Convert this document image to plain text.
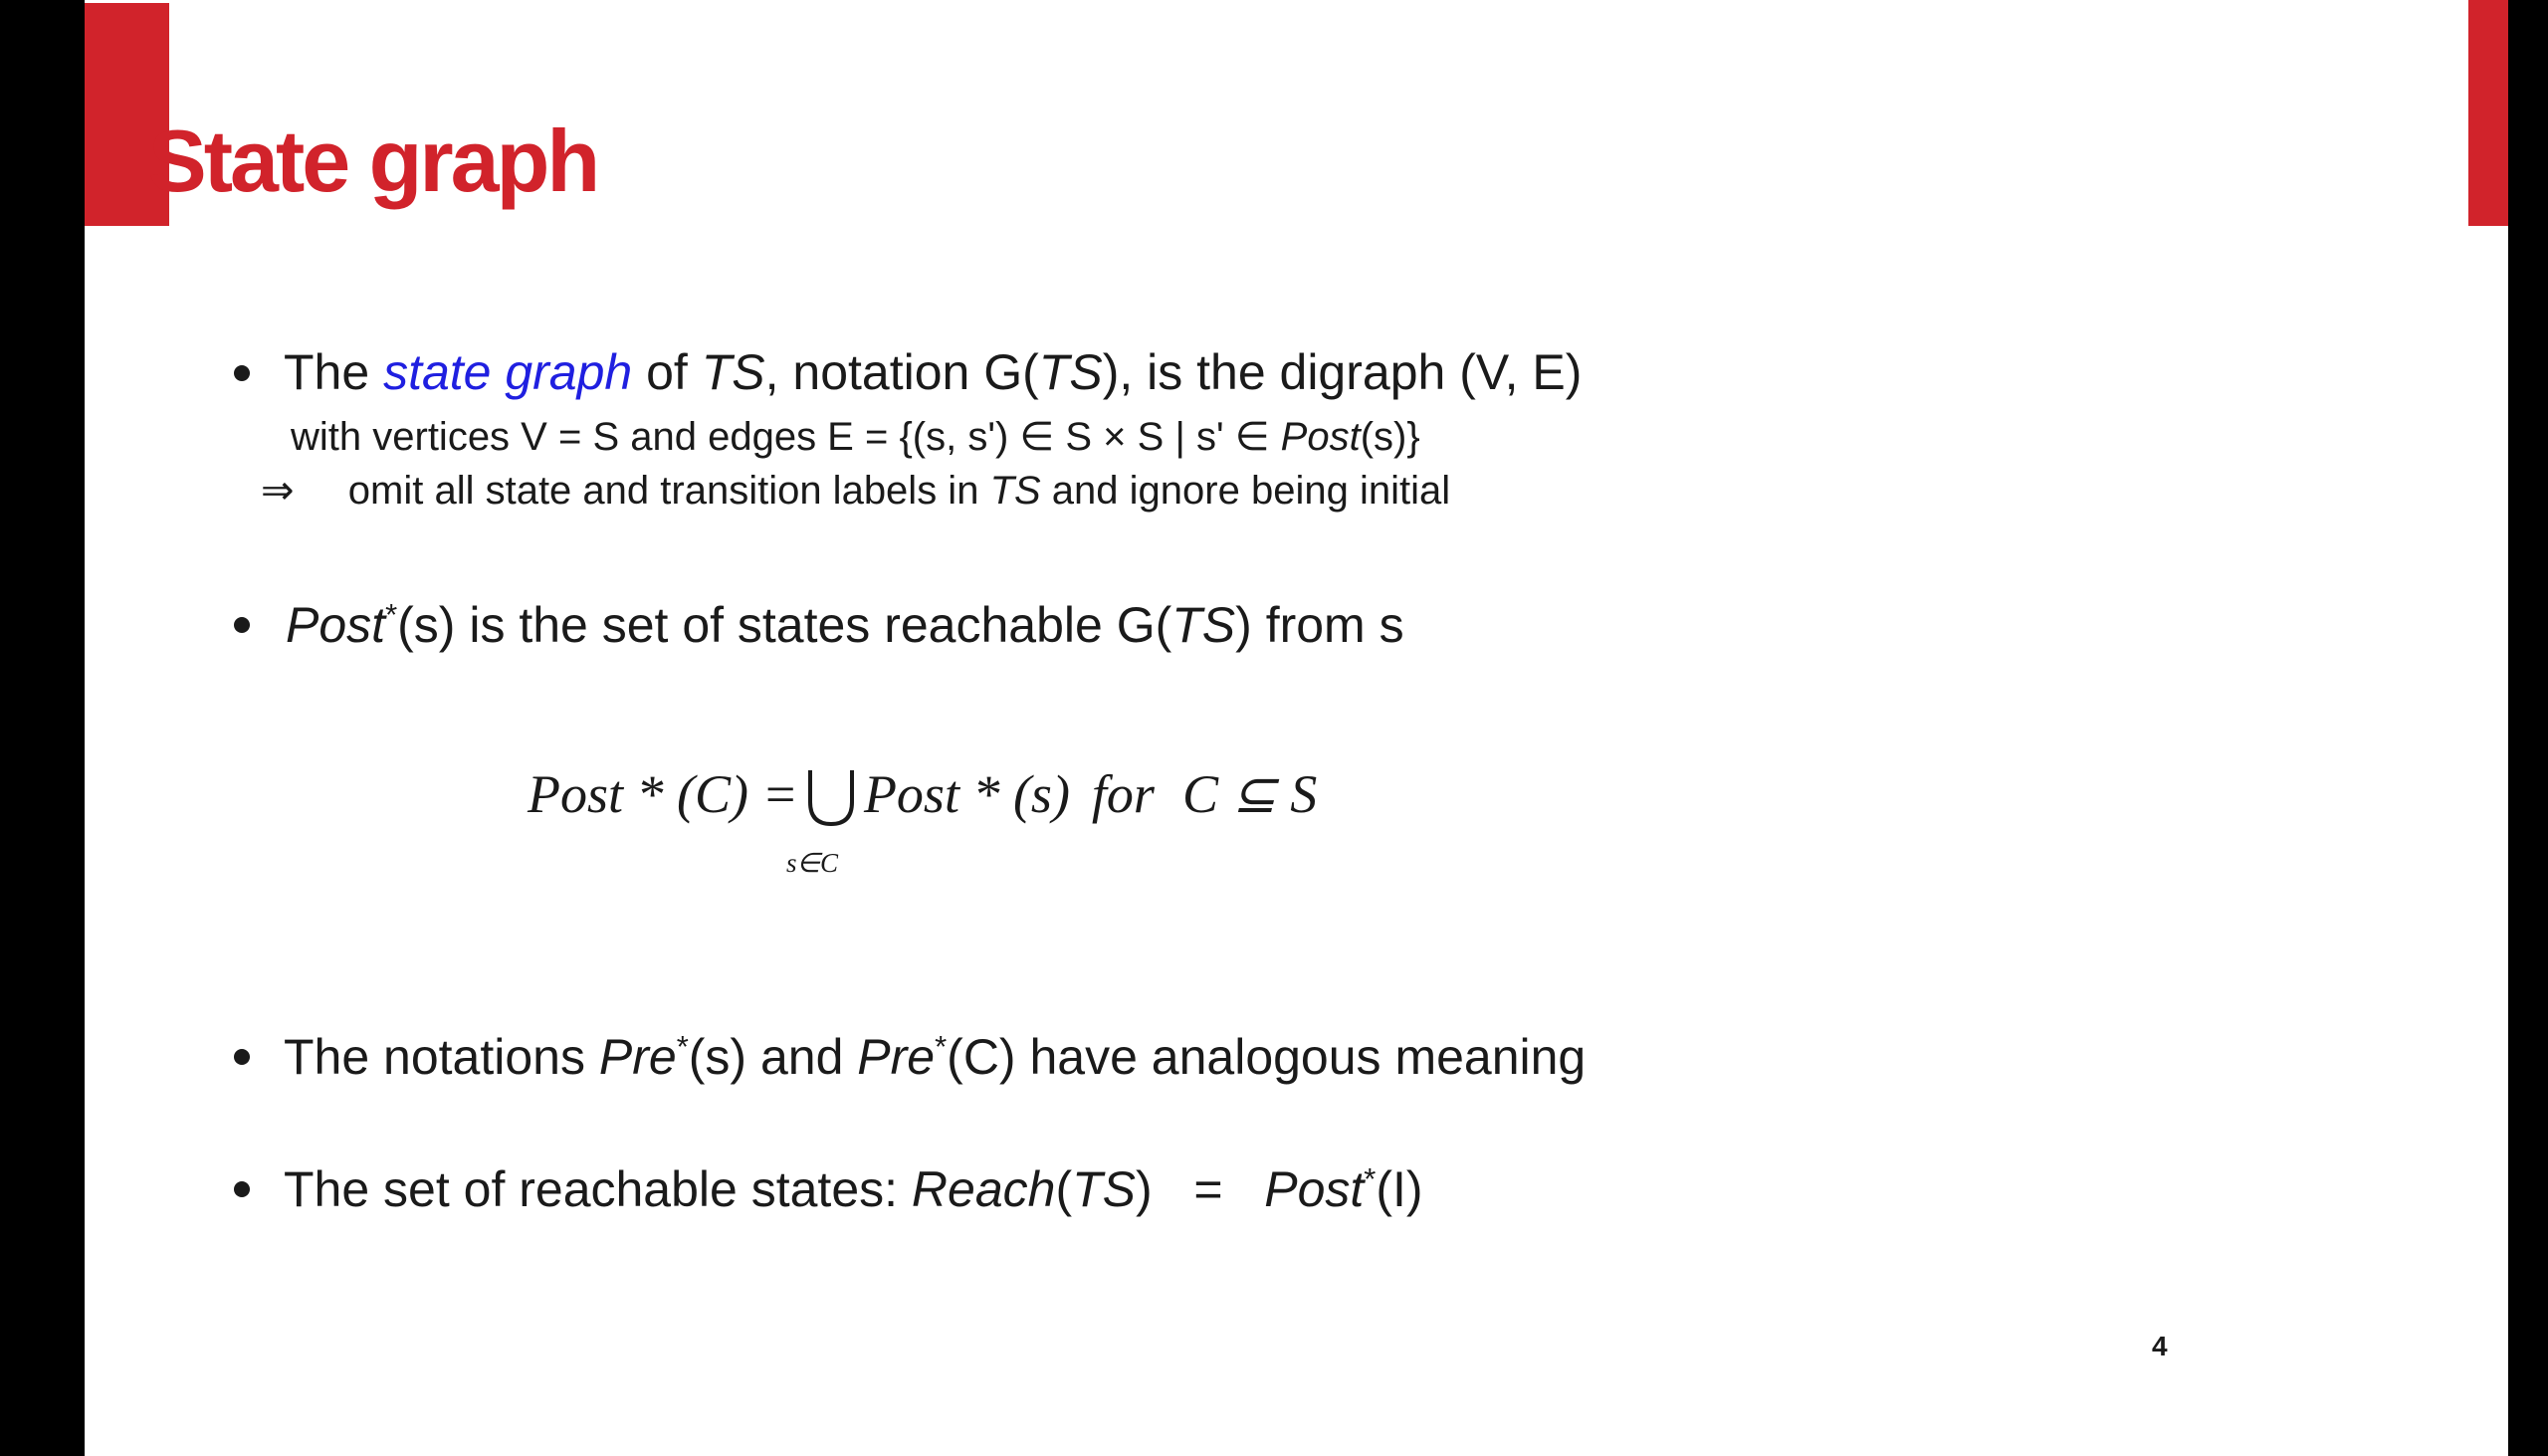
State graph
The state graph of TS, notation G(TS), is the digraph (V, E)
with vertices V = S and edges E = {(s, s') ∈ S × S | s' ∈ Post(s)}
⇒ omit all state and transition labels in TS and ignore being initial
Post*(s) is the set of states reachable G(TS) from s
Post * (C) = Post * (s) for C ⊆ S
s∈C
The notations Pre*(s) and Pre*(C) have analogous meaning
The set of reachable states: Reach(TS)   =   Post*(I)
4
